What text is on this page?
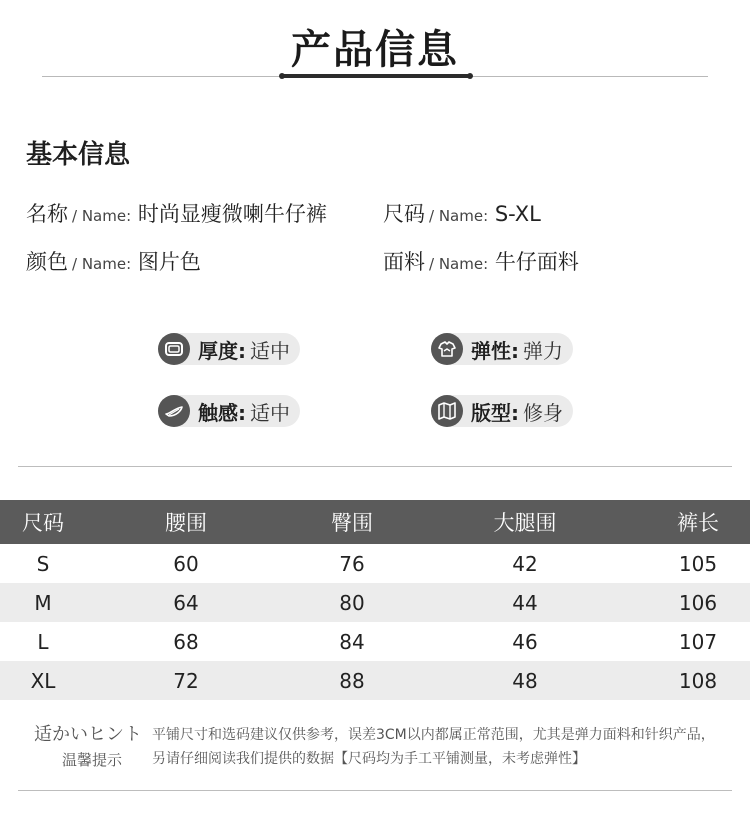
产品信息
基本信息
名称 / Name: 时尚显瘦微喇牛仔裤	尺码 / Name: S-XL
颜色 / Name: 图片色	面料 / Name: 牛仔面料
厚度: 适中	弹性: 弹力
触感: 适中	版型: 修身
尺码	腰围	臀围	大腿围	裤长
S	60	76	42	105
M	64	80	44	106
L	68	84	46	107
XL	72	88	48	108
适かいヒント
温馨提示
平铺尺寸和选码建议仅供参考，误差3CM以内都属正常范围，尤其是弹力面料和针织产品，
另请仔细阅读我们提供的数据【尺码均为手工平铺测量，未考虑弹性】
